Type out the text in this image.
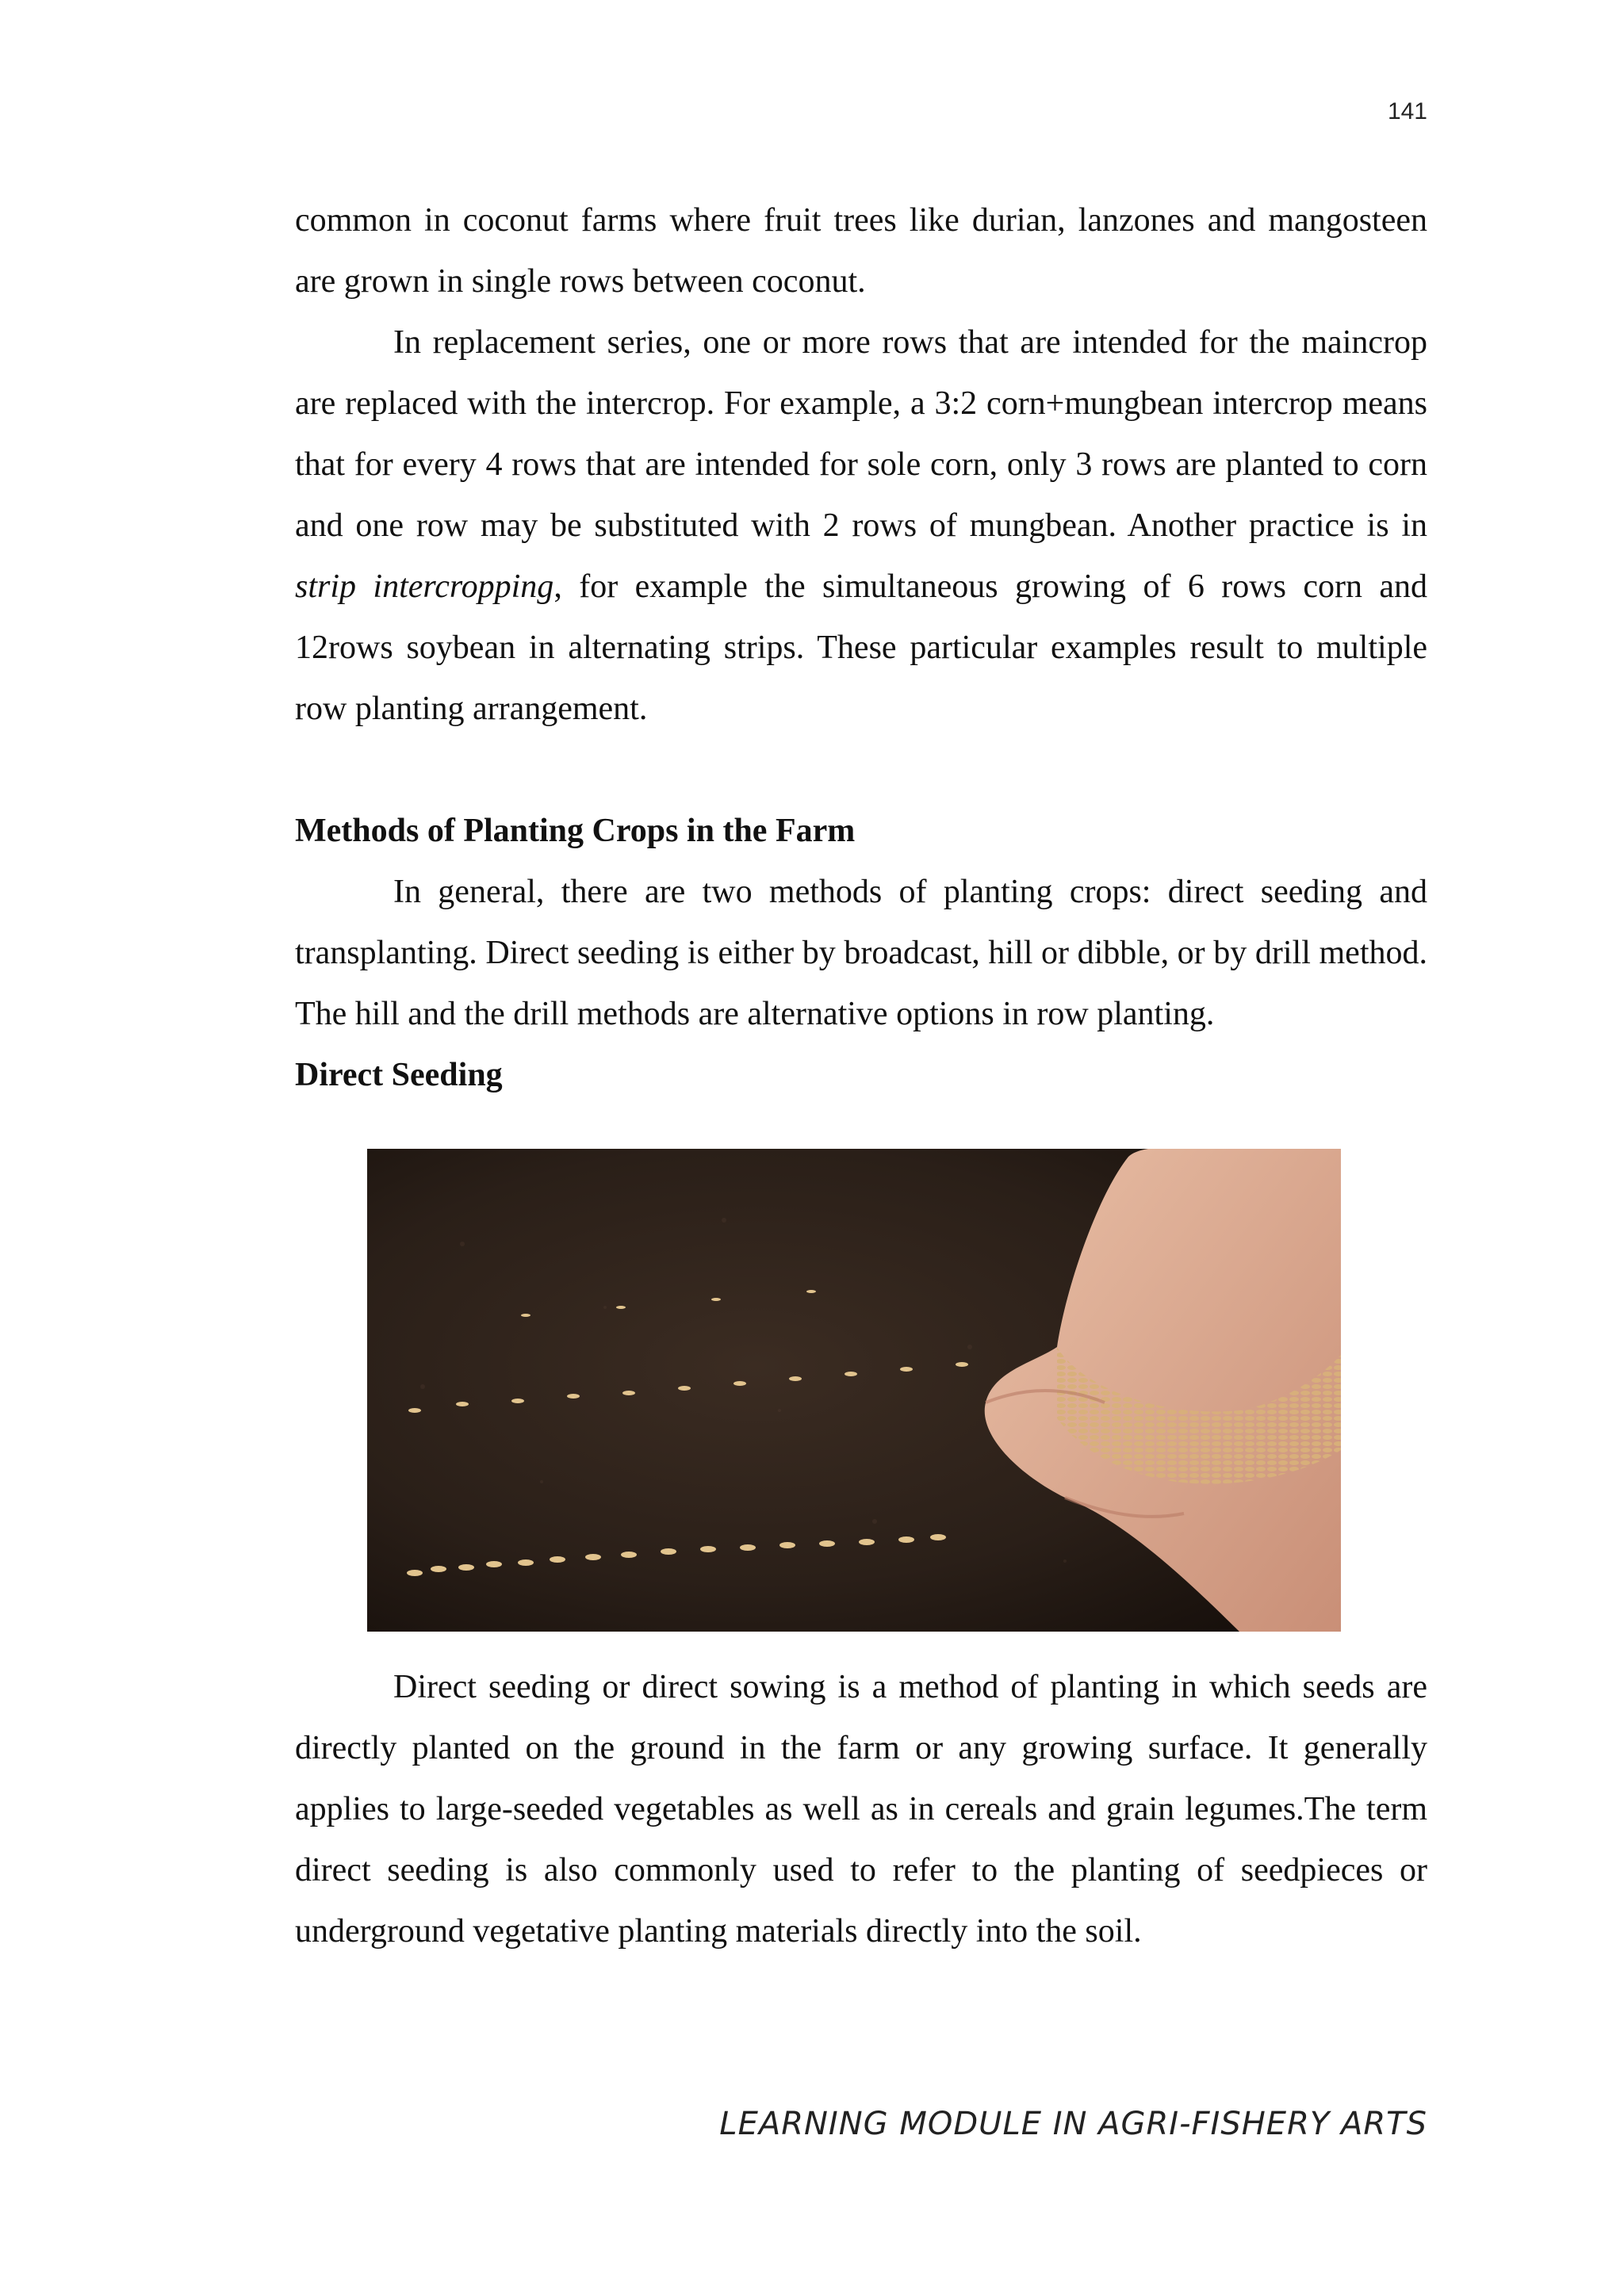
141

common in coconut farms where fruit trees like durian, lanzones and mangosteen are grown in single rows between coconut.

In replacement series, one or more rows that are intended for the maincrop are replaced with the intercrop. For example, a 3:2 corn+mungbean intercrop means that for every 4 rows that are intended for sole corn, only 3 rows are planted to corn and one row may be substituted with 2 rows of mungbean. Another practice is in strip intercropping, for example the simultaneous growing of 6 rows corn and 12rows soybean in alternating strips. These particular examples result to multiple row planting arrangement.

Methods of Planting Crops in the Farm

In general, there are two methods of planting crops: direct seeding and transplanting. Direct seeding is either by broadcast, hill or dibble, or by drill method. The hill and the drill methods are alternative options in row planting.

Direct Seeding

Direct seeding or direct sowing is a method of planting in which seeds are directly planted on the ground in the farm or any growing surface. It generally applies to large-seeded vegetables as well as in cereals and grain legumes.The term direct seeding is also commonly used to refer to the planting of seedpieces or underground vegetative planting materials directly into the soil.

LEARNING MODULE IN AGRI-FISHERY ARTS
